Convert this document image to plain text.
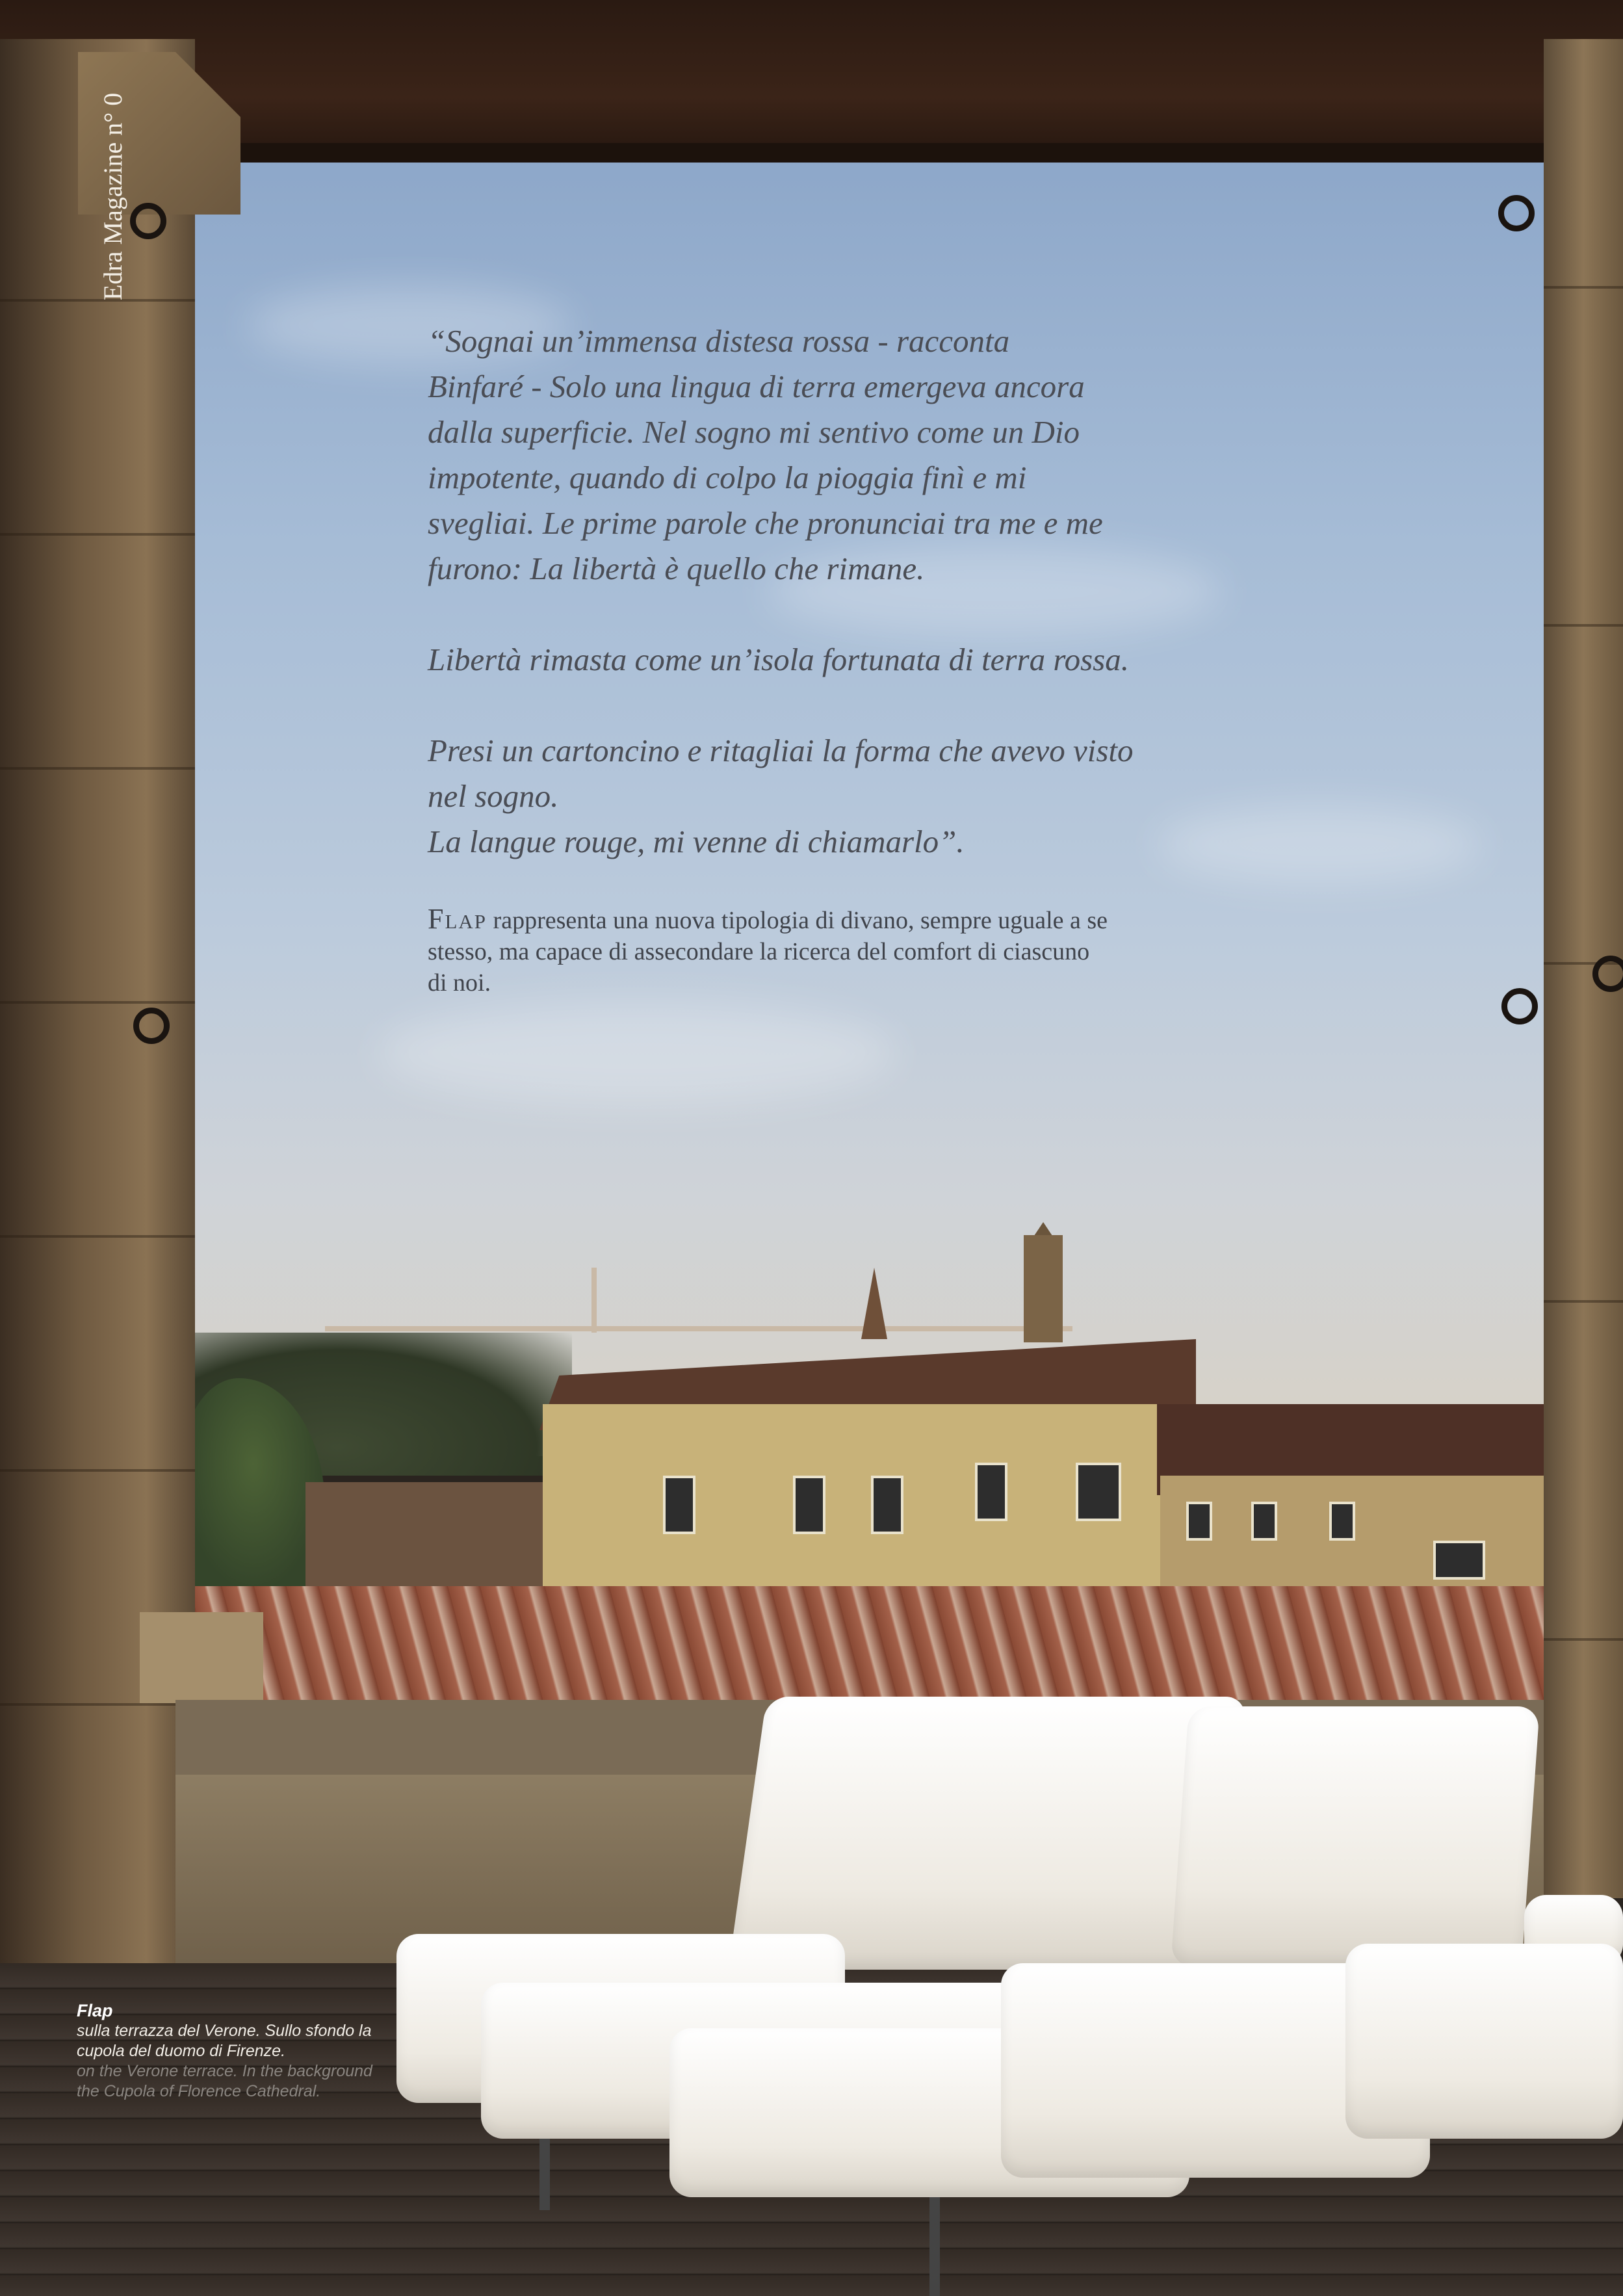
Edra Magazine n° 0

“Sognai un’immensa distesa rossa - racconta
Binfaré - Solo una lingua di terra emergeva ancora
dalla superficie. Nel sogno mi sentivo come un Dio
impotente, quando di colpo la pioggia finì e mi
svegliai. Le prime parole che pronunciai tra me e me
furono: La libertà è quello che rimane.

Libertà rimasta come un’isola fortunata di terra rossa.

Presi un cartoncino e ritagliai la forma che avevo visto
nel sogno.
La langue rouge, mi venne di chiamarlo”.

Flap rappresenta una nuova tipologia di divano, sempre uguale a se
stesso, ma capace di assecondare la ricerca del comfort di ciascuno
di noi.
Flap
sulla terrazza del Verone. Sullo sfondo la
cupola del duomo di Firenze.
on the Verone terrace. In the background
the Cupola of Florence Cathedral.
